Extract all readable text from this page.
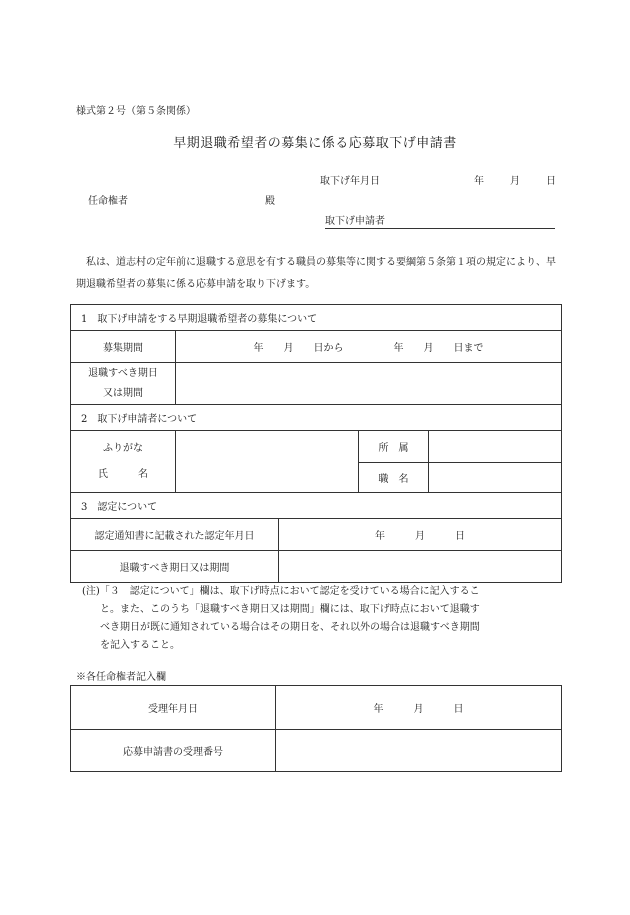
様式第２号（第５条関係）
早期退職希望者の募集に係る応募取下げ申請書
取下げ年月日	年	月	日
任命権者	殿
取下げ申請者
私は、道志村の定年前に退職する意思を有する職員の募集等に関する要綱第５条第１項の規定により、早期退職希望者の募集に係る応募申請を取り下げます。
1　取下げ申請をする早期退職希望者の募集について				
募集期間	年　　月　　日から　　　　　年　　月　　日まで			

退職すべき期日
又は期間				

2　取下げ申請者について				

ふりがな
氏　　　名			所　属	
			職　名	
3　認定について				
認定通知書に記載された認定年月日		年　　　月　　　日		
退職すべき期日又は期間				
(注)「３　認定について」欄は、取下げ時点において認定を受けている場合に記入するこ
と。また、このうち「退職すべき期日又は期間」欄には、取下げ時点において退職す
べき期日が既に通知されている場合はその期日を、それ以外の場合は退職すべき期間
を記入すること。
※各任命権者記入欄
受理年月日	年　　　月　　　日
応募申請書の受理番号	
